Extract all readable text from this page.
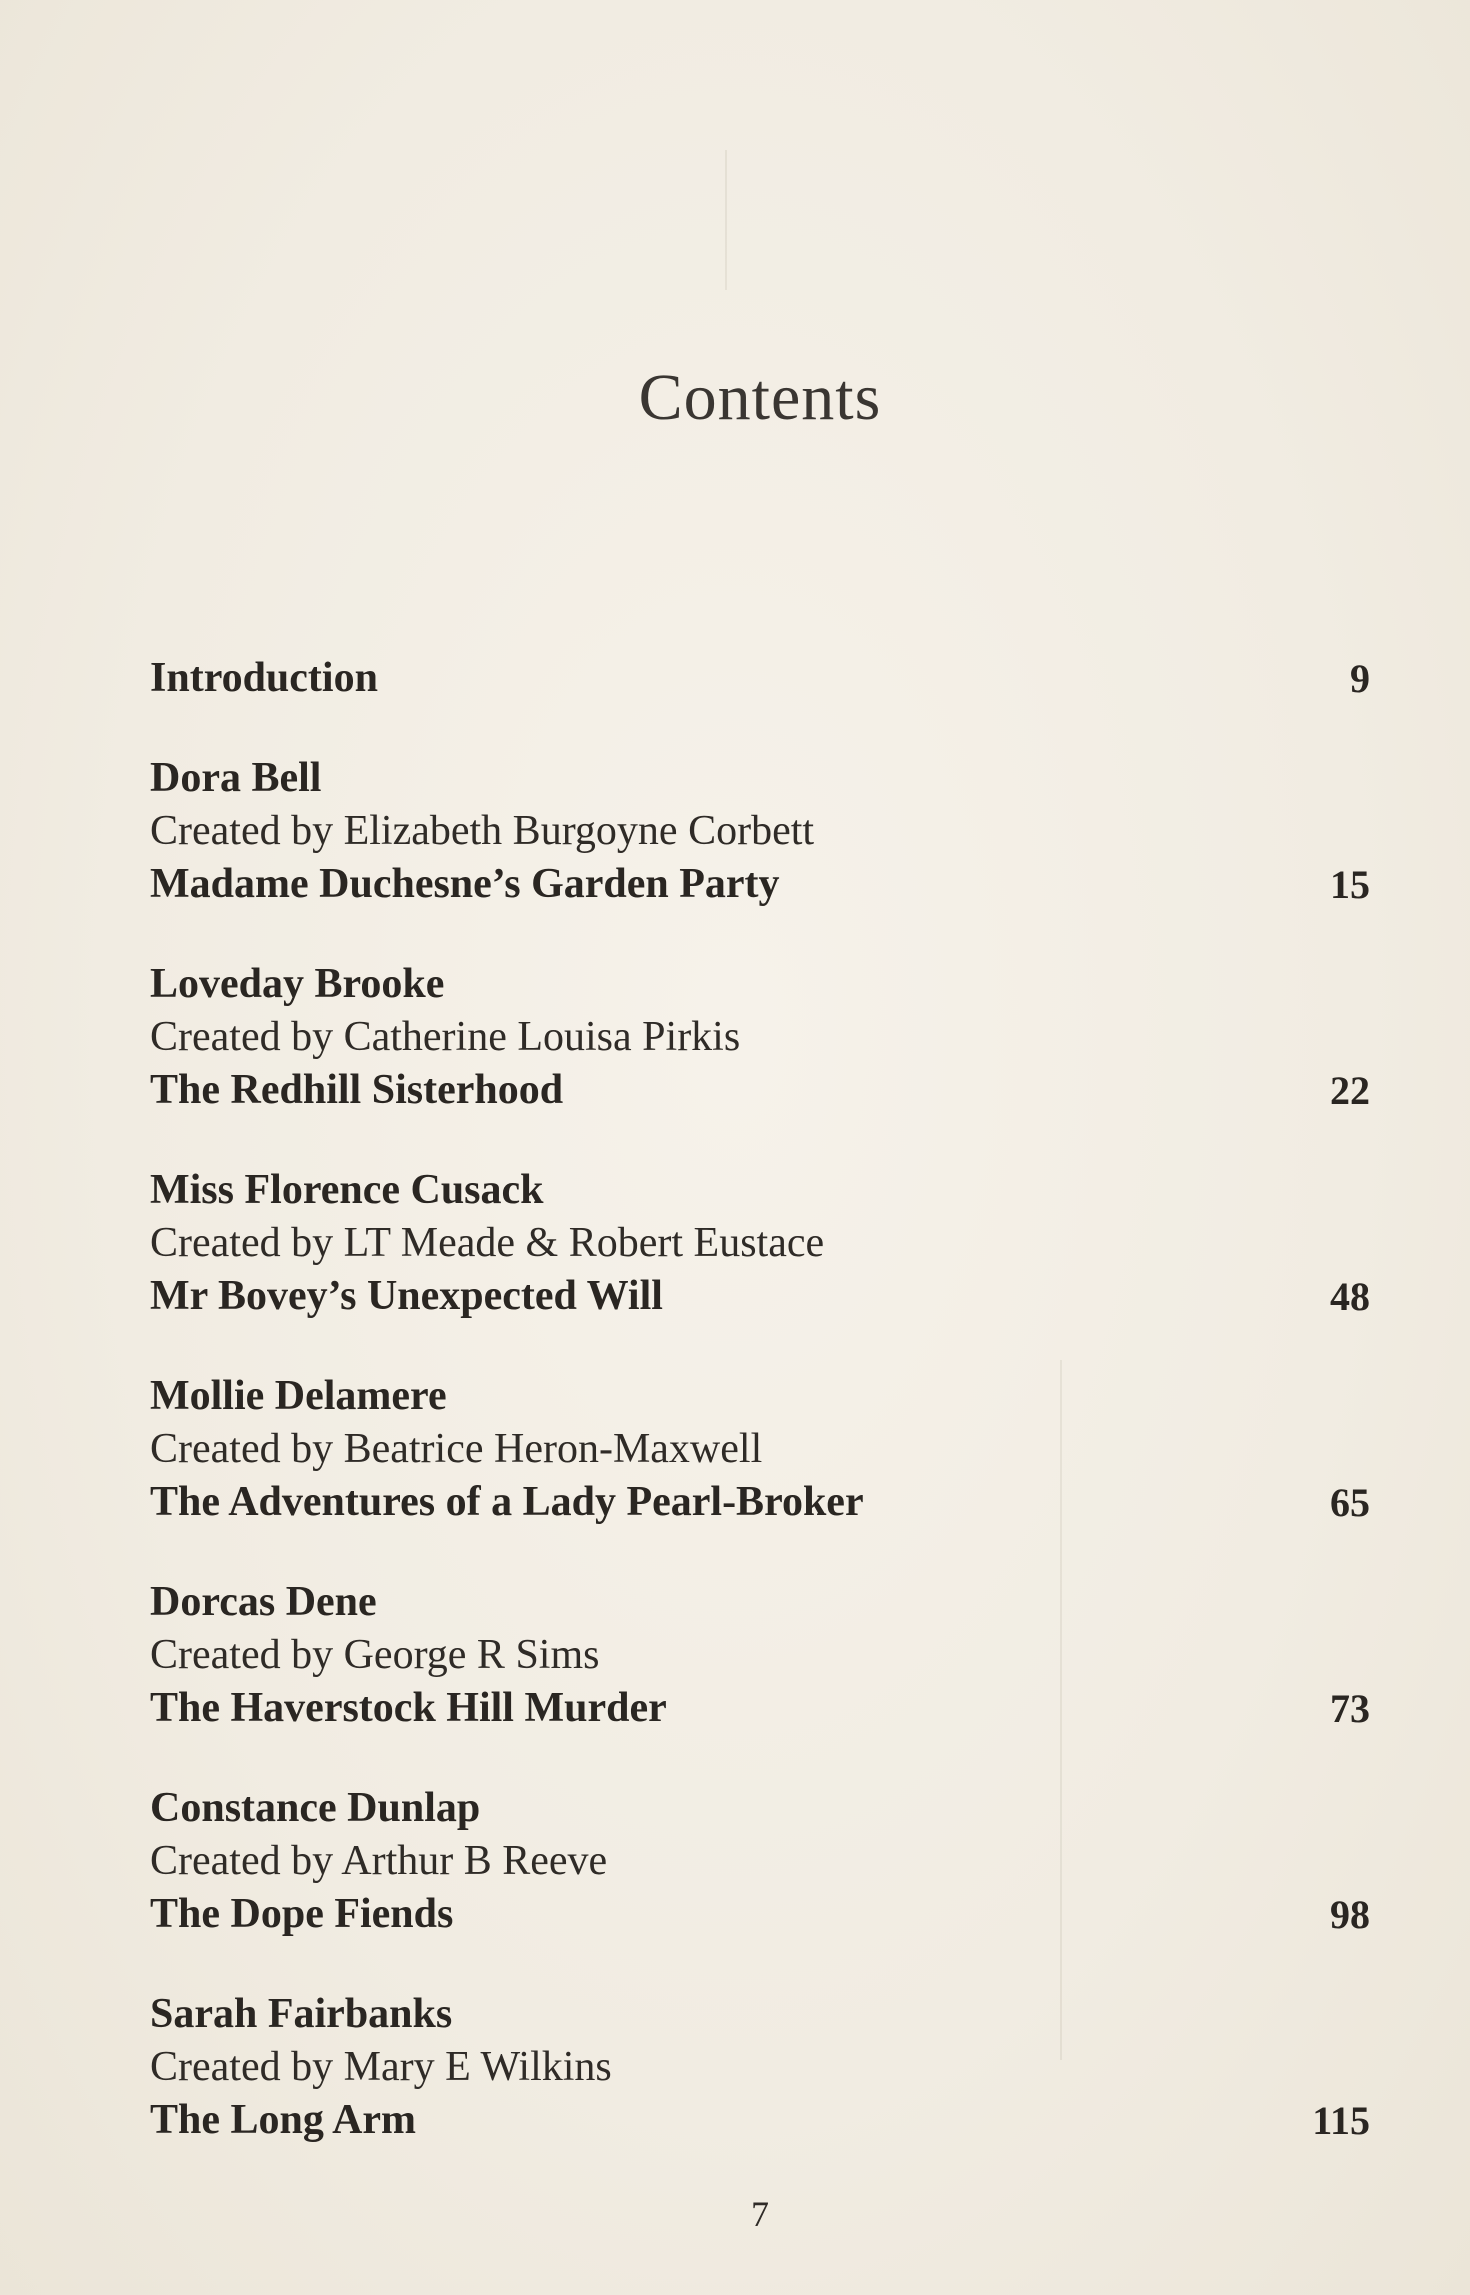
Contents
Introduction	9
Dora Bell
Created by Elizabeth Burgoyne Corbett
Madame Duchesne’s Garden Party	15
Loveday Brooke
Created by Catherine Louisa Pirkis
The Redhill Sisterhood	22
Miss Florence Cusack
Created by LT Meade & Robert Eustace
Mr Bovey’s Unexpected Will	48
Mollie Delamere
Created by Beatrice Heron-Maxwell
The Adventures of a Lady Pearl-Broker	65
Dorcas Dene
Created by George R Sims
The Haverstock Hill Murder	73
Constance Dunlap
Created by Arthur B Reeve
The Dope Fiends	98
Sarah Fairbanks
Created by Mary E Wilkins
The Long Arm	115
7
